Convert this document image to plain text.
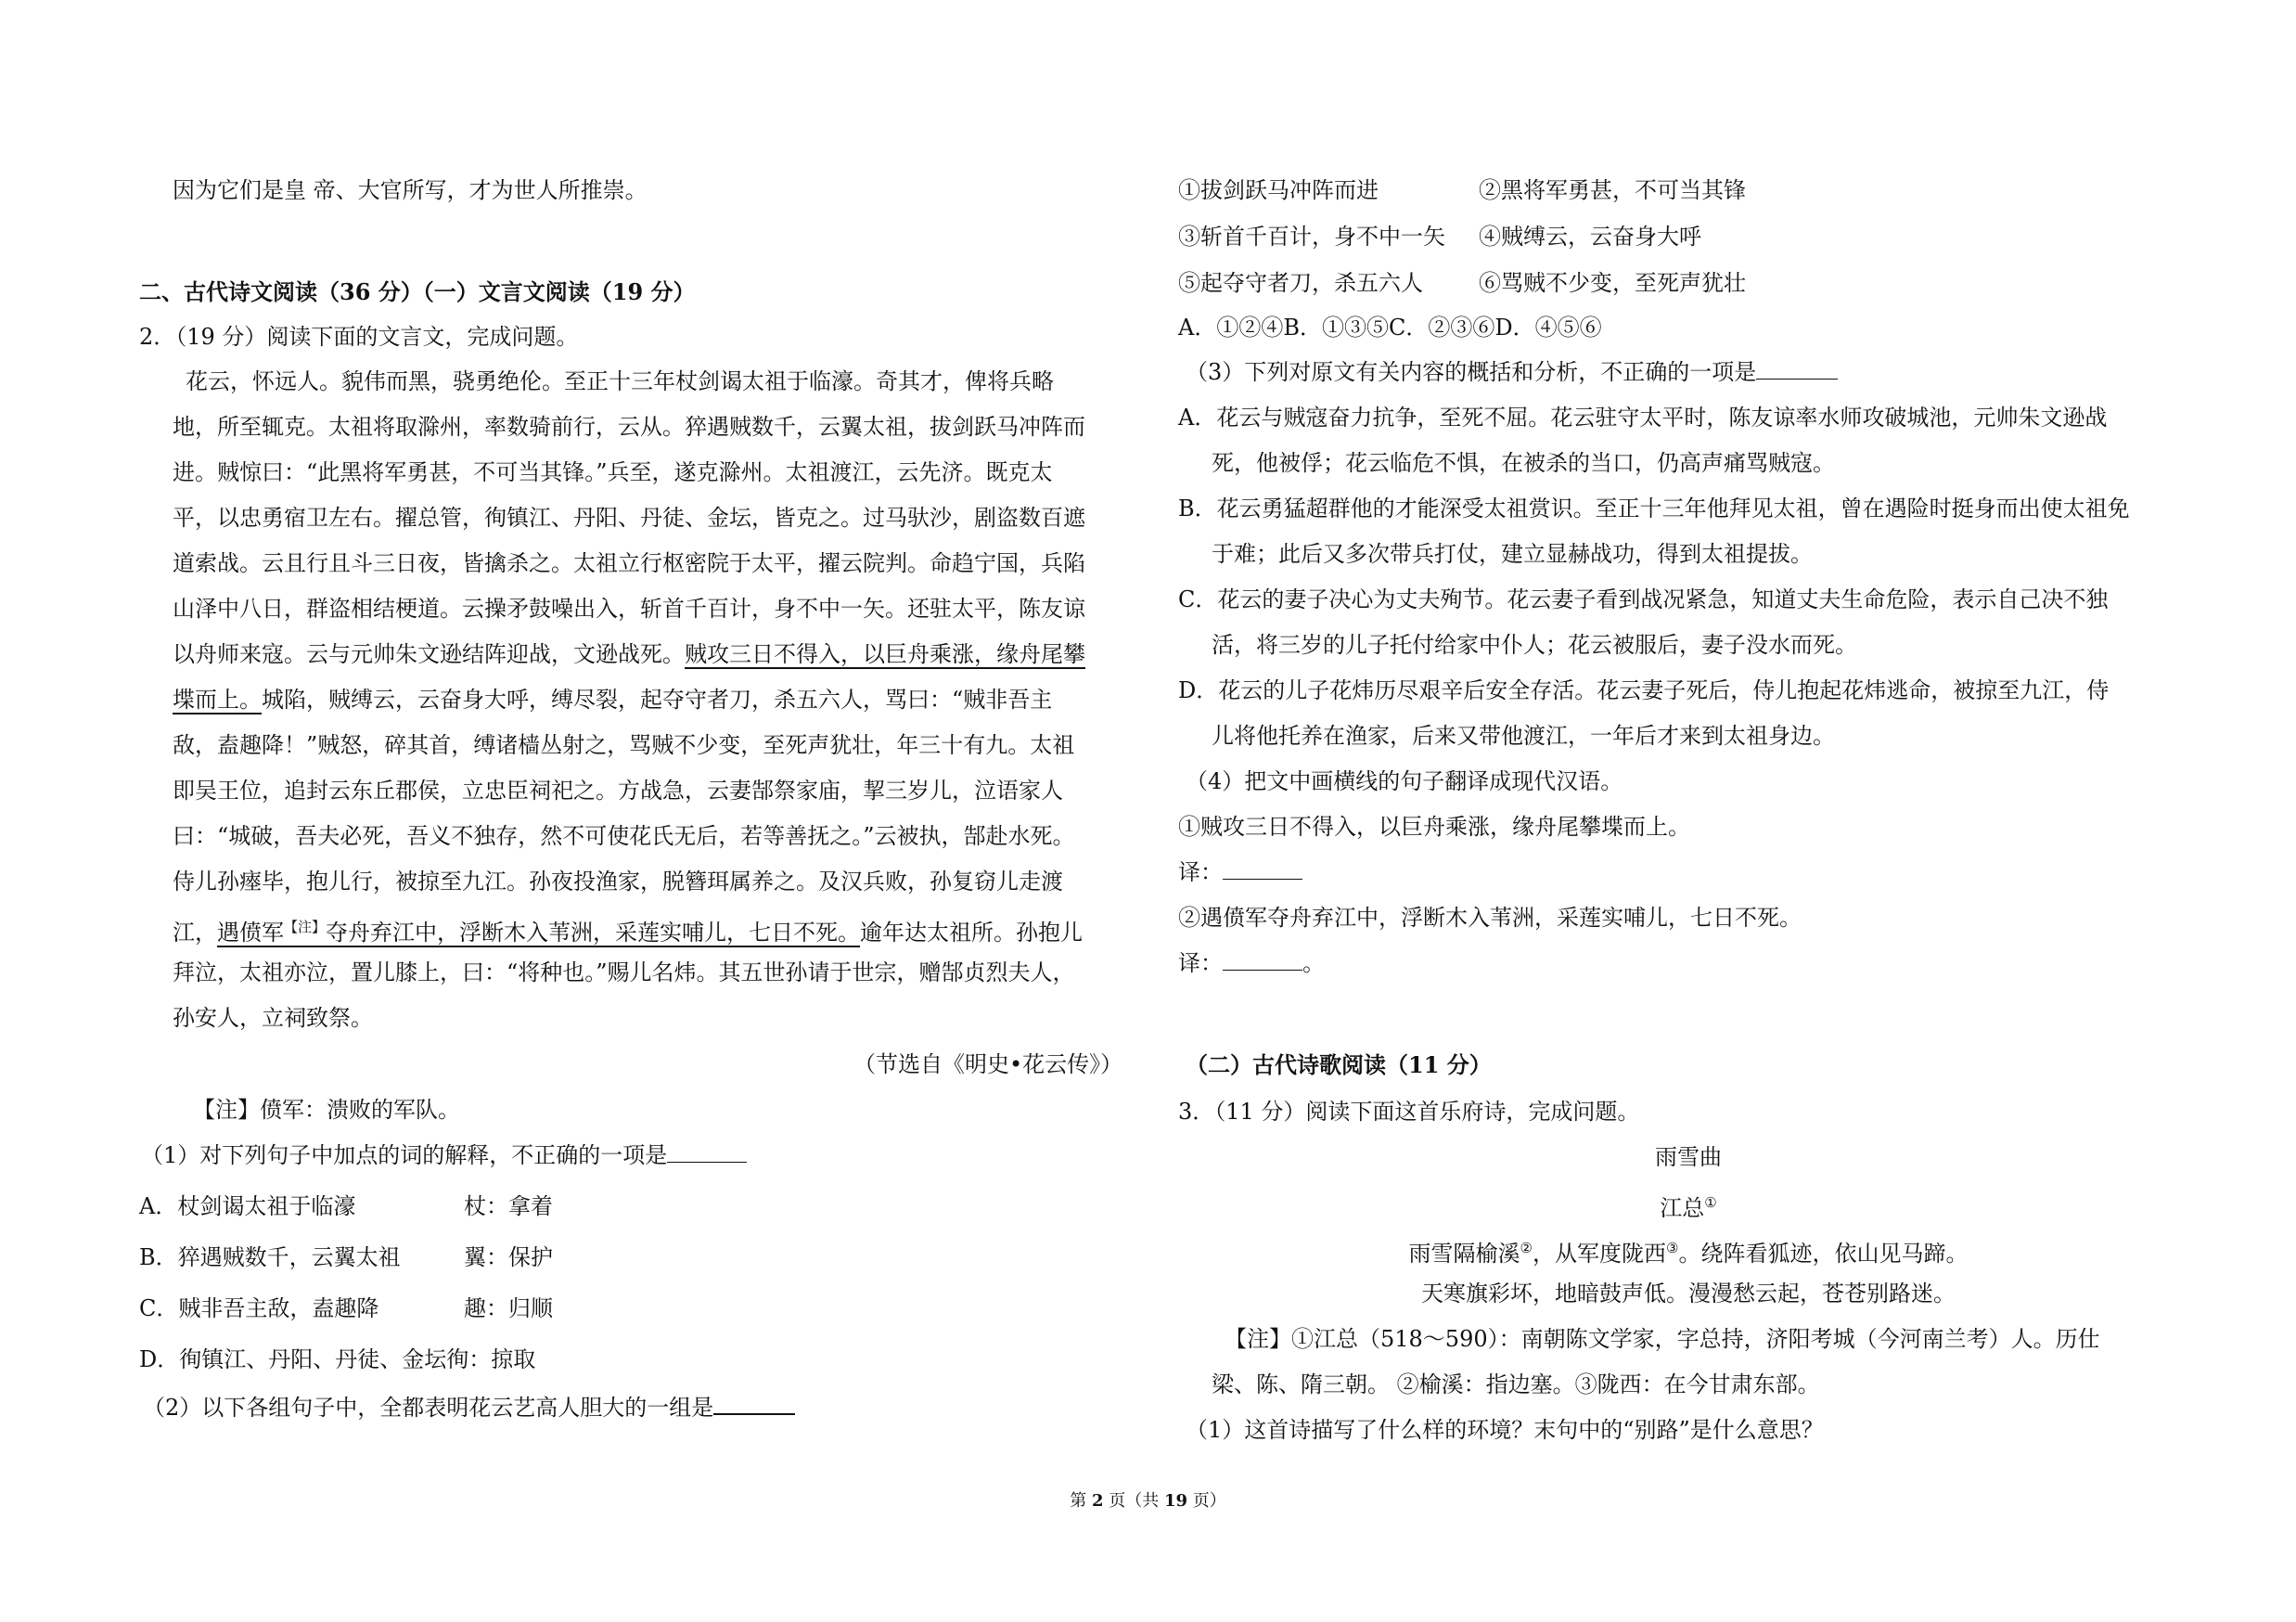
因为它们是皇 帝、大官所写，才为世人所推崇。
二、古代诗文阅读（36 分）（一）文言文阅读（19 分）
2．（19 分）阅读下面的文言文，完成问题。
花云，怀远人。貌伟而黑，骁勇绝伦。至正十三年杖剑谒太祖于临濠。奇其才，俾将兵略
地，所至辄克。太祖将取滁州，率数骑前行，云从。猝遇贼数千，云翼太祖，拔剑跃马冲阵而
进。贼惊曰：“此黑将军勇甚，不可当其锋。”兵至，遂克滁州。太祖渡江，云先济。既克太
平，以忠勇宿卫左右。擢总管，徇镇江、丹阳、丹徒、金坛，皆克之。过马驮沙，剧盗数百遮
道索战。云且行且斗三日夜，皆擒杀之。太祖立行枢密院于太平，擢云院判。命趋宁国，兵陷
山泽中八日，群盗相结梗道。云操矛鼓噪出入，斩首千百计，身不中一矢。还驻太平，陈友谅
以舟师来寇。云与元帅朱文逊结阵迎战，文逊战死。贼攻三日不得入，以巨舟乘涨，缘舟尾攀
堞而上。城陷，贼缚云，云奋身大呼，缚尽裂，起夺守者刀，杀五六人，骂曰：“贼非吾主
敌，盍趣降！”贼怒，碎其首，缚诸樯丛射之，骂贼不少变，至死声犹壮，年三十有九。太祖
即吴王位，追封云东丘郡侯，立忠臣祠祀之。方战急，云妻郜祭家庙，挈三岁儿，泣语家人
曰：“城破，吾夫必死，吾义不独存，然不可使花氏无后，若等善抚之。”云被执，郜赴水死。
侍儿孙瘞毕，抱儿行，被掠至九江。孙夜投渔家，脱簪珥属养之。及汉兵败，孙复窃儿走渡
江，遇偾军$^{【注】}$夺舟弃江中，浮断木入苇洲，采莲实哺儿，七日不死。逾年达太祖所。孙抱儿
拜泣，太祖亦泣，置儿膝上，曰：“将种也。”赐儿名炜。其五世孙请于世宗，赠郜贞烈夫人，
孙安人，立祠致祭。
（节选自《明史•花云传》）
【注】偾军：溃败的军队。
（1）对下列句子中加点的词的解释，不正确的一项是
A．杖剑谒太祖于临濠	杖：拿着
B．猝遇贼数千，云翼太祖	翼：保护
C．贼非吾主敌，盍趣降	趣：归顺
D．徇镇江、丹阳、丹徒、金坛徇：掠取
（2）以下各组句子中，全都表明花云艺高人胆大的一组是
①拔剑跃马冲阵而进	②黑将军勇甚，不可当其锋
③斩首千百计，身不中一矢 ④贼缚云，云奋身大呼
⑤起夺守者刀，杀五六人	⑥骂贼不少变，至死声犹壮
A．①②④B．①③⑤C．②③⑥D．④⑤⑥
（3）下列对原文有关内容的概括和分析，不正确的一项是
A．花云与贼寇奋力抗争，至死不屈。花云驻守太平时，陈友谅率水师攻破城池，元帅朱文逊战
死，他被俘；花云临危不惧，在被杀的当口，仍高声痛骂贼寇。
B．花云勇猛超群他的才能深受太祖赏识。至正十三年他拜见太祖，曾在遇险时挺身而出使太祖免
于难；此后又多次带兵打仗，建立显赫战功，得到太祖提拔。
C．花云的妻子决心为丈夫殉节。花云妻子看到战况紧急，知道丈夫生命危险，表示自己决不独
活，将三岁的儿子托付给家中仆人；花云被服后，妻子没水而死。
D．花云的儿子花炜历尽艰辛后安全存活。花云妻子死后，侍儿抱起花炜逃命，被掠至九江，侍
儿将他托养在渔家，后来又带他渡江，一年后才来到太祖身边。
（4）把文中画横线的句子翻译成现代汉语。
①贼攻三日不得入，以巨舟乘涨，缘舟尾攀堞而上。
译：
②遇偾军夺舟弃江中，浮断木入苇洲，采莲实哺儿，七日不死。
译：	。
（二）古代诗歌阅读（11 分）
3．（11 分）阅读下面这首乐府诗，完成问题。
雨雪曲
江总①
雨雪隔榆溪②，从军度陇西③。绕阵看狐迹，依山见马蹄。
天寒旗彩坏，地暗鼓声低。漫漫愁云起，苍苍别路迷。
【注】①江总（518～590）：南朝陈文学家，字总持，济阳考城（今河南兰考）人。历仕
梁、陈、隋三朝。 ②榆溪：指边塞。③陇西：在今甘肃东部。
（1）这首诗描写了什么样的环境？末句中的“别路”是什么意思？
第 2 页（共 19 页）
